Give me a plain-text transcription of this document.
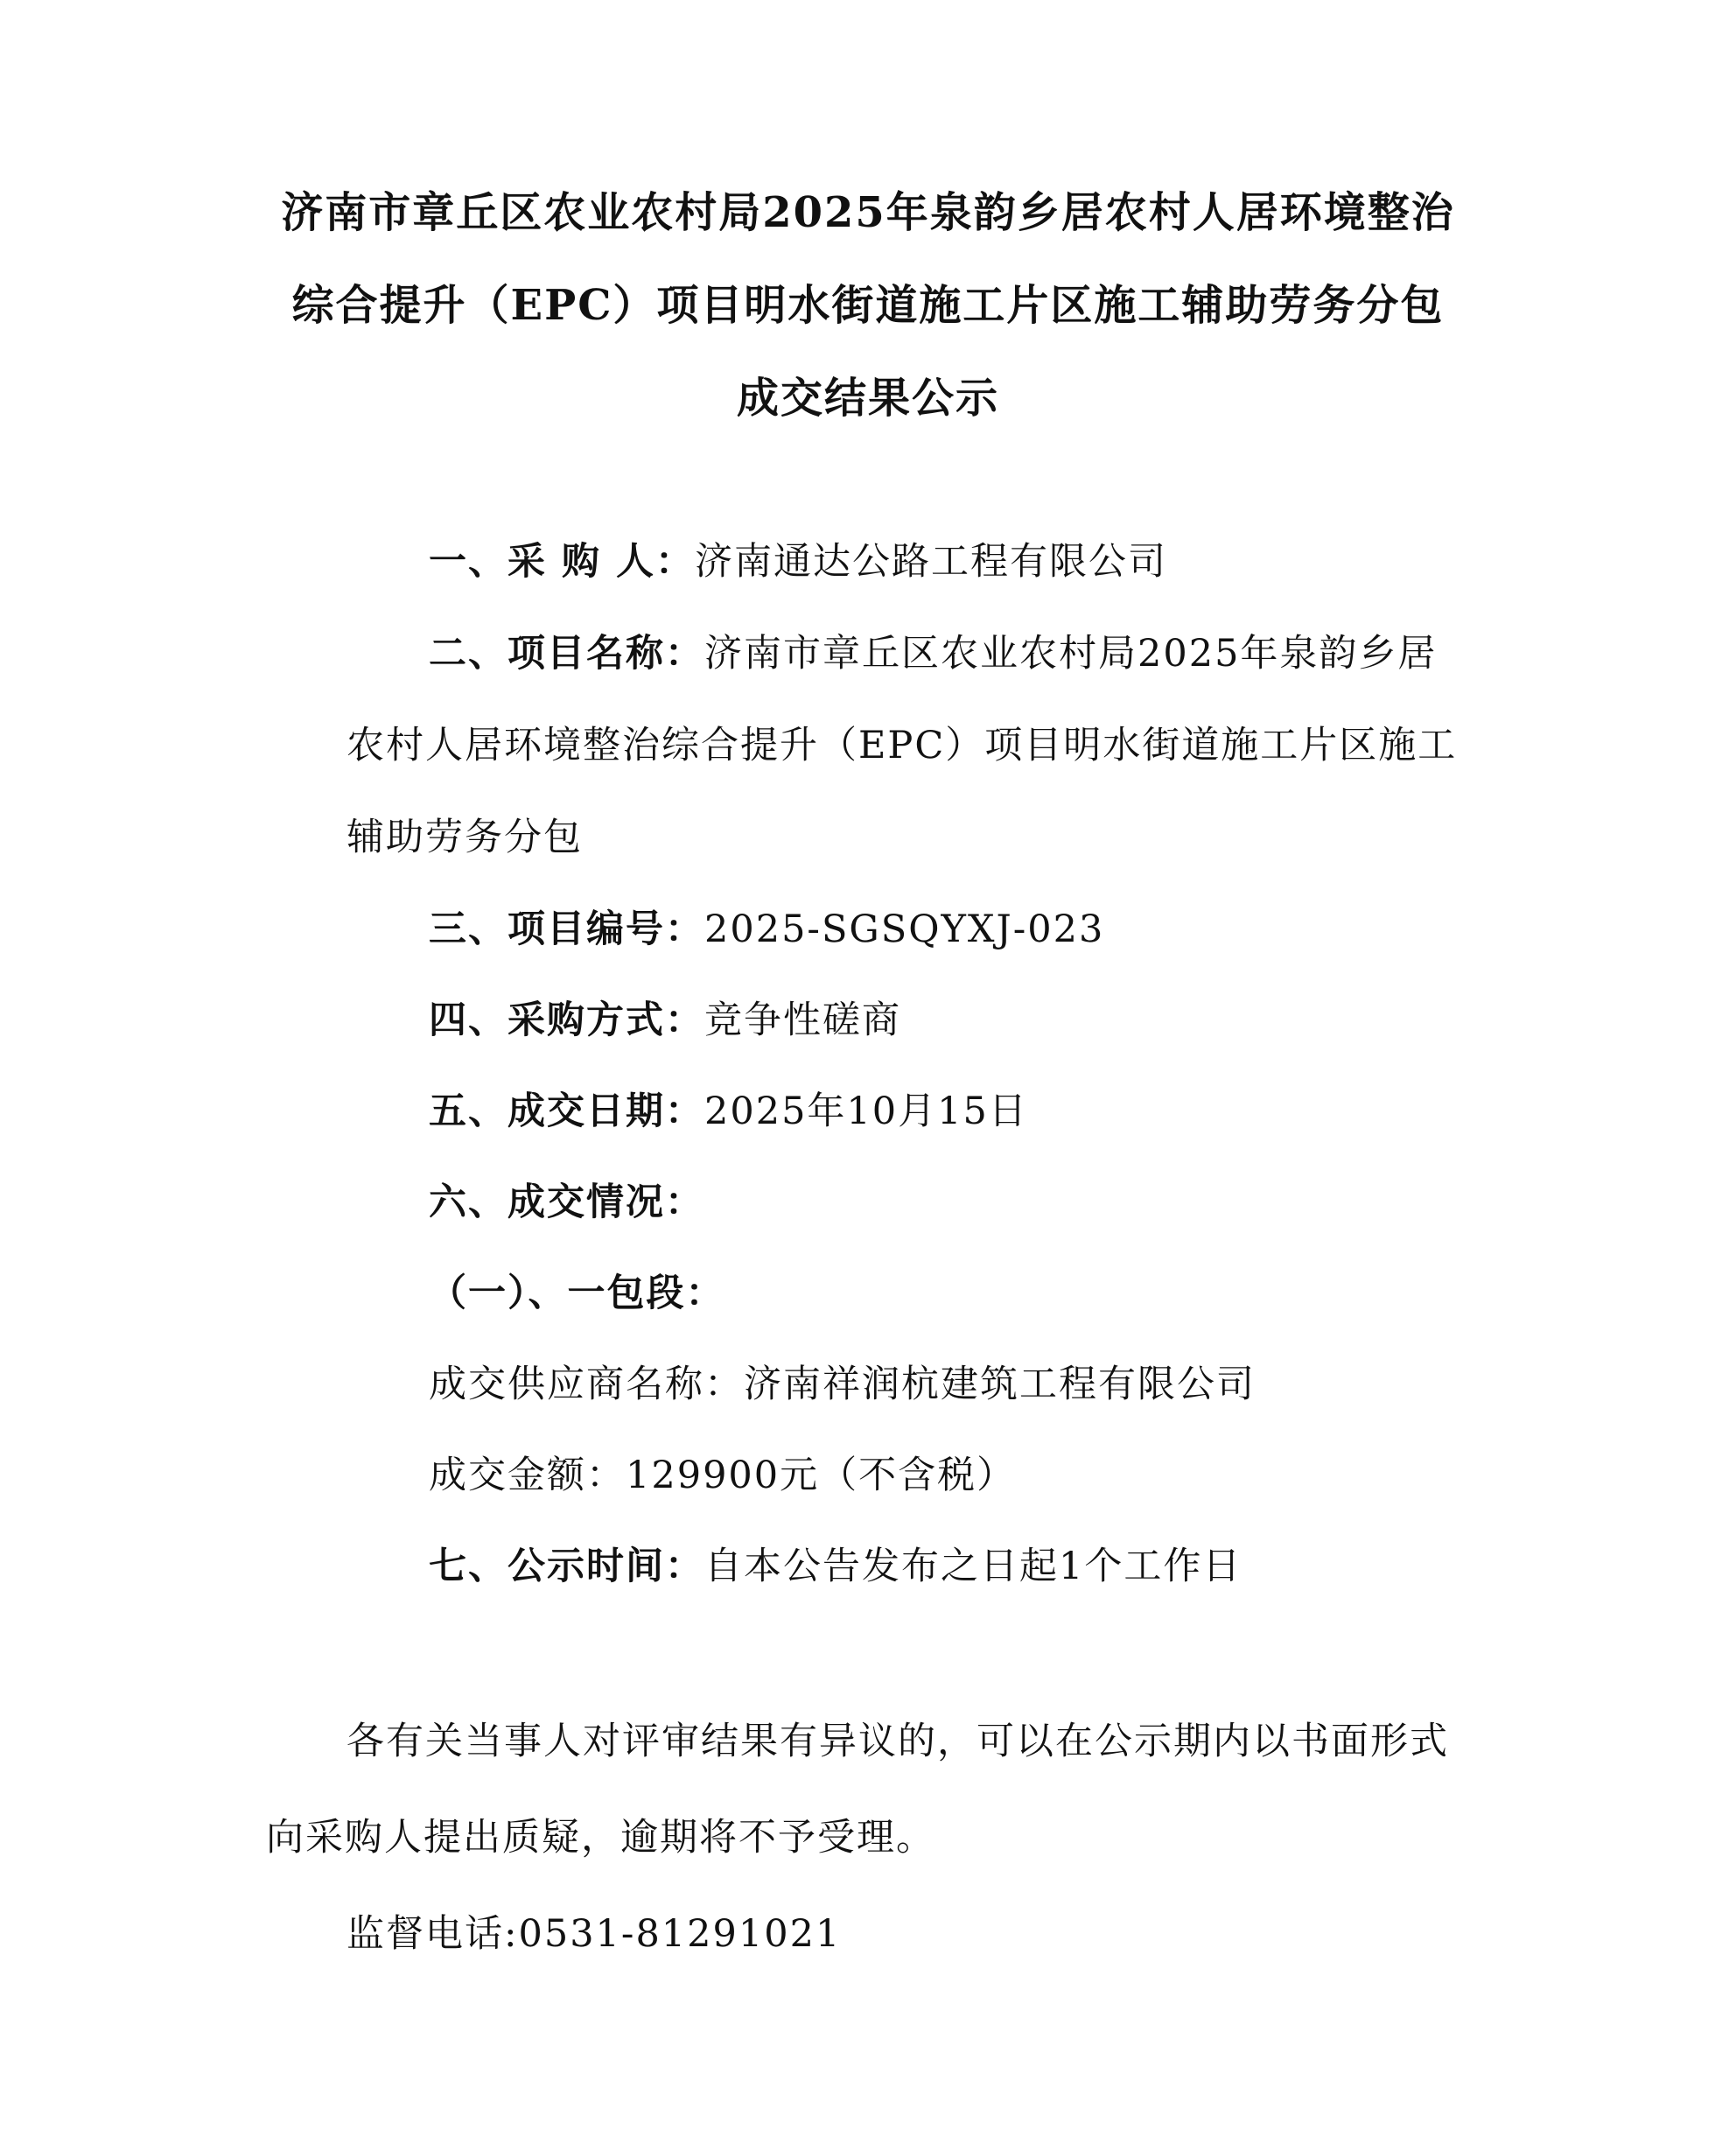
济南市章丘区农业农村局2025年泉韵乡居农村人居环境整治
综合提升（EPC）项目明水街道施工片区施工辅助劳务分包
成交结果公示
一、采 购 人：济南通达公路工程有限公司
二、项目名称：济南市章丘区农业农村局2025年泉韵乡居
农村人居环境整治综合提升（EPC）项目明水街道施工片区施工
辅助劳务分包
三、项目编号：2025-SGSQYXJ-023
四、采购方式：竞争性磋商
五、成交日期：2025年10月15日
六、成交情况：
（一）、一包段：
成交供应商名称：济南祥润杭建筑工程有限公司
成交金额：129900元（不含税）
七、公示时间：自本公告发布之日起1个工作日
各有关当事人对评审结果有异议的，可以在公示期内以书面形式
向采购人提出质疑，逾期将不予受理。
监督电话:0531-81291021
